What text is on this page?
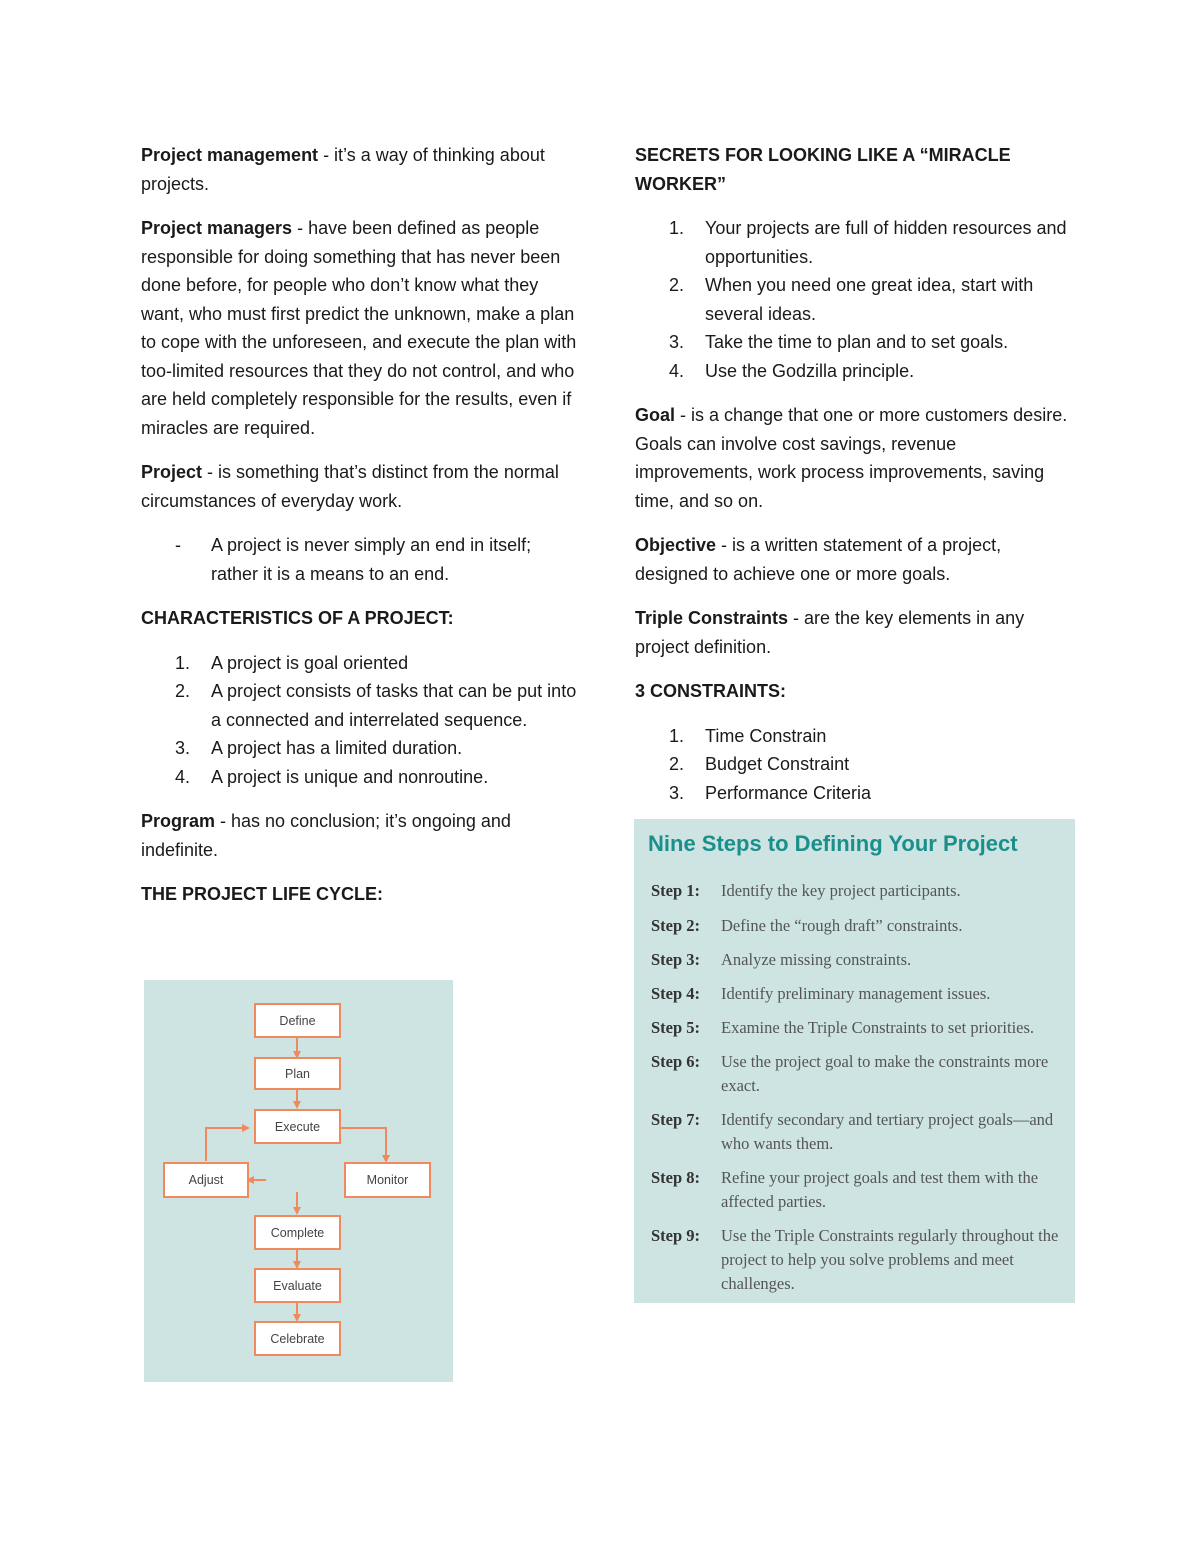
Project management - it’s a way of thinking about projects.

Project managers - have been defined as people responsible for doing something that has never been done before, for people who don’t know what they want, who must first predict the unknown, make a plan to cope with the unforeseen, and execute the plan with too-limited resources that they do not control, and who are held completely responsible for the results, even if miracles are required.

Project - is something that’s distinct from the normal circumstances of everyday work.

- A project is never simply an end in itself; rather it is a means to an end.
CHARACTERISTICS OF A PROJECT:
1. A project is goal oriented
2. A project consists of tasks that can be put into a connected and interrelated sequence.
3. A project has a limited duration.
4. A project is unique and nonroutine.

Program - has no conclusion; it’s ongoing and indefinite.

THE PROJECT LIFE CYCLE:
Define
Plan
Execute
Adjust	Monitor
Complete
Evaluate
Celebrate
SECRETS FOR LOOKING LIKE A “MIRACLE WORKER”
1. Your projects are full of hidden resources and opportunities.
2. When you need one great idea, start with several ideas.
3. Take the time to plan and to set goals.
4. Use the Godzilla principle.

Goal - is a change that one or more customers desire. Goals can involve cost savings, revenue improvements, work process improvements, saving time, and so on.

Objective - is a written statement of a project, designed to achieve one or more goals.

Triple Constraints - are the key elements in any project definition.

3 CONSTRAINTS:
1. Time Constrain
2. Budget Constraint
3. Performance Criteria
Nine Steps to Defining Your Project
Step 1: Identify the key project participants.
Step 2: Define the “rough draft” constraints.
Step 3: Analyze missing constraints.
Step 4: Identify preliminary management issues.
Step 5: Examine the Triple Constraints to set priorities.
Step 6: Use the project goal to make the constraints more exact.
Step 7: Identify secondary and tertiary project goals—and who wants them.
Step 8: Refine your project goals and test them with the affected parties.
Step 9: Use the Triple Constraints regularly throughout the project to help you solve problems and meet challenges.
